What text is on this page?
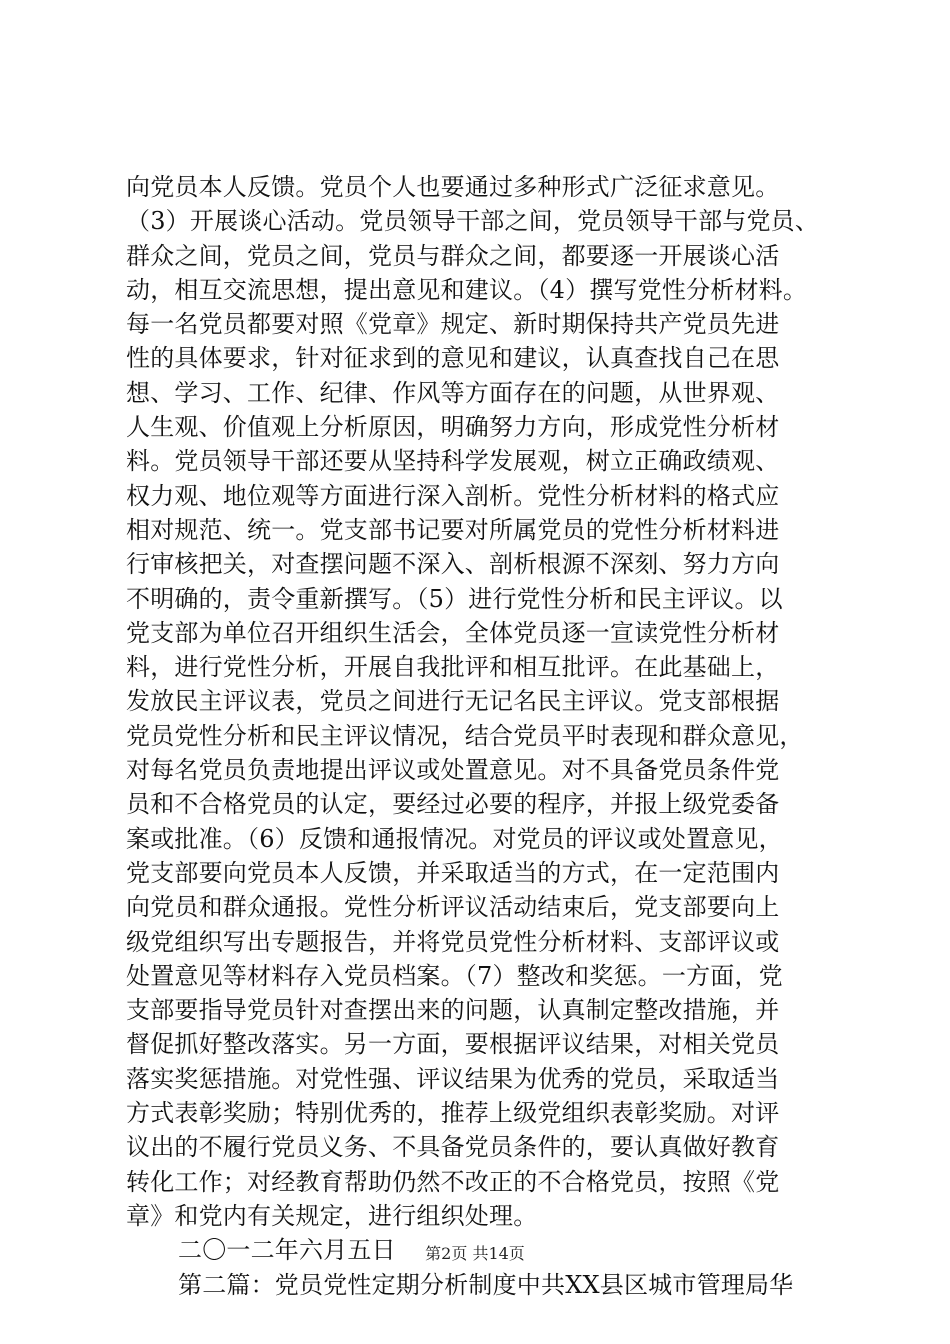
向党员本人反馈。党员个人也要通过多种形式广泛征求意见。
（3）开展谈心活动。党员领导干部之间，党员领导干部与党员、
群众之间，党员之间，党员与群众之间，都要逐一开展谈心活
动，相互交流思想，提出意见和建议。（4）撰写党性分析材料。
每一名党员都要对照《党章》规定、新时期保持共产党员先进
性的具体要求，针对征求到的意见和建议，认真查找自己在思
想、学习、工作、纪律、作风等方面存在的问题，从世界观、
人生观、价值观上分析原因，明确努力方向，形成党性分析材
料。党员领导干部还要从坚持科学发展观，树立正确政绩观、
权力观、地位观等方面进行深入剖析。党性分析材料的格式应
相对规范、统一。党支部书记要对所属党员的党性分析材料进
行审核把关，对查摆问题不深入、剖析根源不深刻、努力方向
不明确的，责令重新撰写。（5）进行党性分析和民主评议。以
党支部为单位召开组织生活会，全体党员逐一宣读党性分析材
料，进行党性分析，开展自我批评和相互批评。在此基础上，
发放民主评议表，党员之间进行无记名民主评议。党支部根据
党员党性分析和民主评议情况，结合党员平时表现和群众意见，
对每名党员负责地提出评议或处置意见。对不具备党员条件党
员和不合格党员的认定，要经过必要的程序，并报上级党委备
案或批准。（6）反馈和通报情况。对党员的评议或处置意见，
党支部要向党员本人反馈，并采取适当的方式，在一定范围内
向党员和群众通报。党性分析评议活动结束后，党支部要向上
级党组织写出专题报告，并将党员党性分析材料、支部评议或
处置意见等材料存入党员档案。（7）整改和奖惩。一方面，党
支部要指导党员针对查摆出来的问题，认真制定整改措施，并
督促抓好整改落实。另一方面，要根据评议结果，对相关党员
落实奖惩措施。对党性强、评议结果为优秀的党员，采取适当
方式表彰奖励；特别优秀的，推荐上级党组织表彰奖励。对评
议出的不履行党员义务、不具备党员条件的，要认真做好教育
转化工作；对经教育帮助仍然不改正的不合格党员，按照《党
章》和党内有关规定，进行组织处理。
二〇一二年六月五日
第二篇：党员党性定期分析制度中共XX县区城市管理局华
第2页 共14页
